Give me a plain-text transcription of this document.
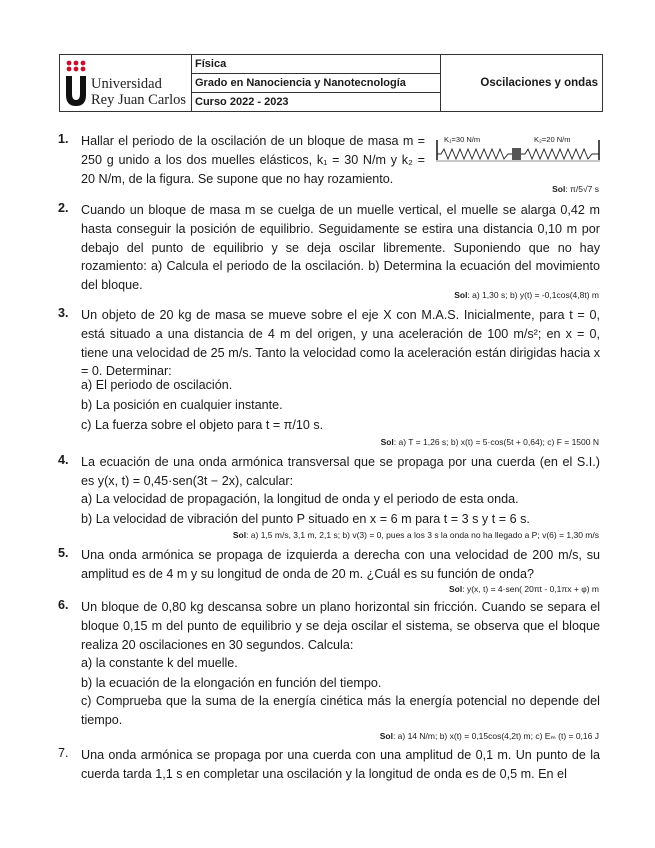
Universidad
Rey Juan Carlos
Física
Grado en Nanociencia y Nanotecnología
Curso 2022 - 2023
Oscilaciones y ondas
1. Hallar el periodo de la oscilación de un bloque de masa m = 250 g unido a los dos muelles elásticos, k₁ = 30 N/m y k₂ = 20 N/m, de la figura. Se supone que no hay rozamiento.
K₁=30 N/m	K₂=20 N/m
Sol: π/5√7 s
2. Cuando un bloque de masa m se cuelga de un muelle vertical, el muelle se alarga 0,42 m hasta conseguir la posición de equilibrio. Seguidamente se estira una distancia 0,10 m por debajo del punto de equilibrio y se deja oscilar libremente. Suponiendo que no hay rozamiento: a) Calcula el periodo de la oscilación. b) Determina la ecuación del movimiento del bloque.
Sol: a) 1,30 s; b) y(t) = -0,1cos(4,8t) m
3. Un objeto de 20 kg de masa se mueve sobre el eje X con M.A.S. Inicialmente, para t = 0, está situado a una distancia de 4 m del origen, y una aceleración de 100 m/s²; en x = 0, tiene una velocidad de 25 m/s. Tanto la velocidad como la aceleración están dirigidas hacia x = 0. Determinar:
a) El periodo de oscilación.
b) La posición en cualquier instante.
c) La fuerza sobre el objeto para t = π/10 s.
Sol: a) T = 1,26 s; b) x(t) = 5·cos(5t + 0,64); c) F = 1500 N
4. La ecuación de una onda armónica transversal que se propaga por una cuerda (en el S.I.) es y(x, t) = 0,45·sen(3t − 2x), calcular:
a) La velocidad de propagación, la longitud de onda y el periodo de esta onda.
b) La velocidad de vibración del punto P situado en x = 6 m para t = 3 s y t = 6 s.
Sol: a) 1,5 m/s, 3,1 m, 2,1 s; b) v(3) = 0, pues a los 3 s la onda no ha llegado a P; v(6) = 1,30 m/s
5. Una onda armónica se propaga de izquierda a derecha con una velocidad de 200 m/s, su amplitud es de 4 m y su longitud de onda de 20 m. ¿Cuál es su función de onda?
Sol: y(x, t) = 4·sen( 20πt - 0,1πx + φ) m
6. Un bloque de 0,80 kg descansa sobre un plano horizontal sin fricción. Cuando se separa el bloque 0,15 m del punto de equilibrio y se deja oscilar el sistema, se observa que el bloque realiza 20 oscilaciones en 30 segundos. Calcula:
a) la constante k del muelle.
b) la ecuación de la elongación en función del tiempo.
c) Comprueba que la suma de la energía cinética más la energía potencial no depende del tiempo.
Sol: a) 14 N/m; b) x(t) = 0,15cos(4,2t) m; c) Eₘ (t) = 0,16 J
7. Una onda armónica se propaga por una cuerda con una amplitud de 0,1 m. Un punto de la cuerda tarda 1,1 s en completar una oscilación y la longitud de onda es de 0,5 m. En el
